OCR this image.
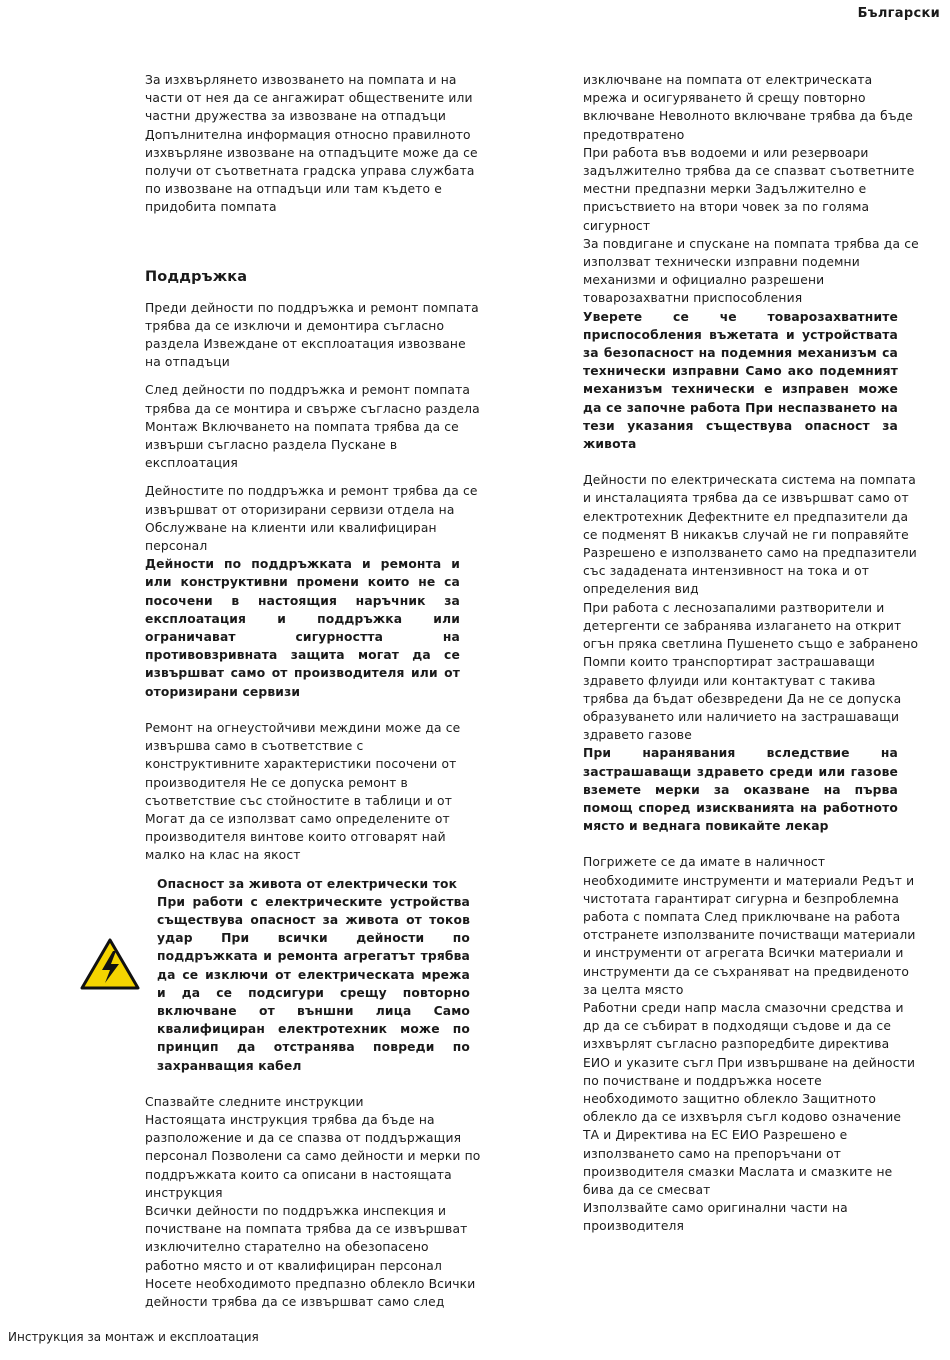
Български

За изхвърлянето извозването на помпата и на части от нея да се ангажират обществените или частни дружества за извозване на отпадъци Допълнителна информация относно правилното изхвърляне извозване на отпадъците може да се получи от съответната градска управа службата по извозване на отпадъци или там където е придобита помпата

Поддръжка

Преди дейности по поддръжка и ремонт помпата трябва да се изключи и демонтира съгласно раздела Извеждане от експлоатация извозване на отпадъци

След дейности по поддръжка и ремонт помпата трябва да се монтира и свърже съгласно раздела Монтаж Включването на помпата трябва да се извърши съгласно раздела Пускане в експлоатация

Дейностите по поддръжка и ремонт трябва да се извършват от оторизирани сервизи отдела на Обслужване на клиенти или квалифициран персонал

Дейности по поддръжката и ремонта и или конструктивни промени които не са посочени в настоящия наръчник за експлоатация и поддръжка или ограничават сигурността на противовзривната защита могат да се извършват само от производителя или от оторизирани сервизи

Ремонт на огнеустойчиви междини може да се извършва само в съответствие с конструктивните характеристики посочени от производителя Не се допуска ремонт в съответствие със стойностите в таблици и от Могат да се използват само определените от производителя винтове които отговарят най малко на клас на якост

Опасност за живота от електрически ток
При работи с електрическите устройства съществува опасност за живота от токов удар При всички дейности по поддръжката и ремонта агрегатът трябва да се изключи от електрическата мрежа и да се подсигури срещу повторно включване от външни лица Само квалифициран електротехник може по принцип да отстранява повреди по захранващия кабел

Спазвайте следните инструкции

Настоящата инструкция трябва да бъде на разположение и да се спазва от поддържащия персонал Позволени са само дейности и мерки по поддръжката които са описани в настоящата инструкция

Всички дейности по поддръжка инспекция и почистване на помпата трябва да се извършват изключително старателно на обезопасено работно място и от квалифициран персонал Носете необходимото предпазно облекло Всички дейности трябва да се извършват само след

изключване на помпата от електрическата мрежа и осигуряването й срещу повторно включване Неволното включване трябва да бъде предотвратено

При работа във водоеми и или резервоари задължително трябва да се спазват съответните местни предпазни мерки Задължително е присъствието на втори човек за по голяма сигурност

За повдигане и спускане на помпата трябва да се използват технически изправни подемни механизми и официално разрешени товарозахватни приспособления

Уверете се че товарозахватните приспособления въжетата и устройствата за безопасност на подемния механизъм са технически изправни Само ако подемният механизъм технически е изправен може да се започне работа При неспазването на тези указания съществува опасност за живота

Дейности по електрическата система на помпата и инсталацията трябва да се извършват само от електротехник Дефектните ел предпазители да се подменят В никакъв случай не ги поправяйте Разрешено е използването само на предпазители със зададената интензивност на тока и от определения вид

При работа с леснозапалими разтворители и детергенти се забранява излагането на открит огън пряка светлина Пушенето също е забранено Помпи които транспортират застрашаващи здравето флуиди или контактуват с такива трябва да бъдат обезвредени Да не се допуска образуването или наличието на застрашаващи здравето газове

При наранявания вследствие на застрашаващи здравето среди или газове вземете мерки за оказване на първа помощ според изискванията на работното място и веднага повикайте лекар

Погрижете се да имате в наличност необходимите инструменти и материали Редът и чистотата гарантират сигурна и безпроблемна работа с помпата След приключване на работа отстранете използваните почистващи материали и инструменти от агрегата Всички материали и инструменти да се съхраняват на предвиденото за целта място

Работни среди напр масла смазочни средства и др да се събират в подходящи съдове и да се изхвърлят съгласно разпоредбите директива ЕИО и указите съгл При извършване на дейности по почистване и поддръжка носете необходимото защитно облекло Защитното облекло да се изхвърля съгл кодово означение ТА и Директива на ЕС ЕИО Разрешено е използването само на препоръчани от производителя смазки Маслата и смазките не бива да се смесват

Използвайте само оригинални части на производителя

Инструкция за монтаж и експлоатация
